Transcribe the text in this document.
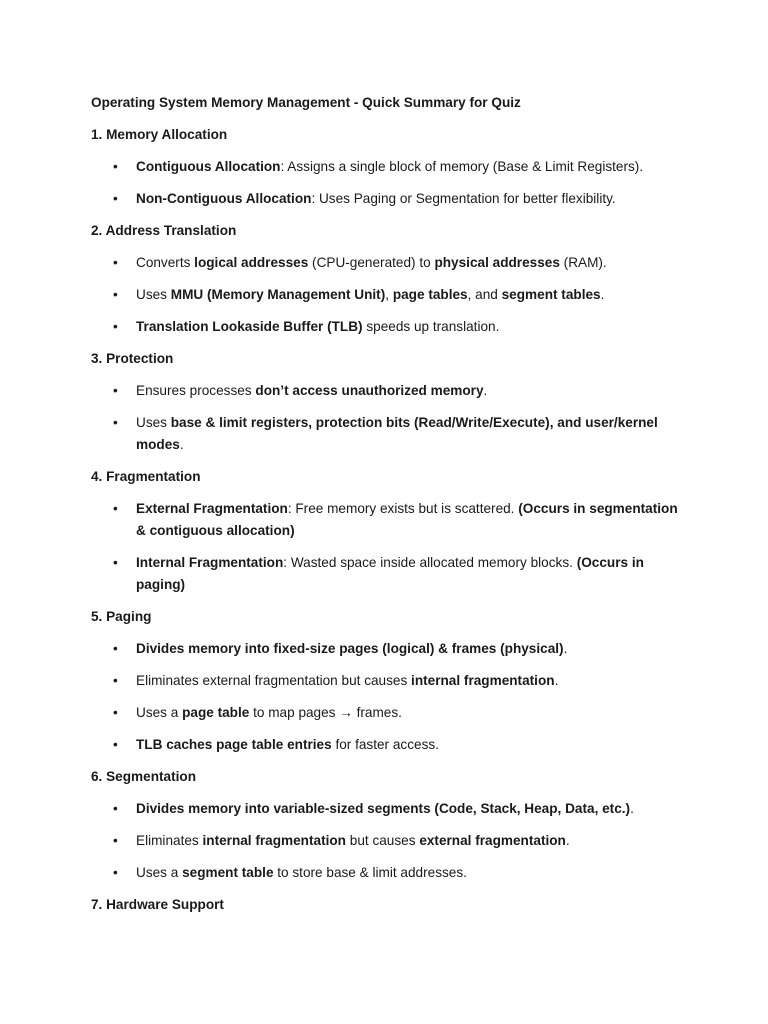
Operating System Memory Management - Quick Summary for Quiz

1. Memory Allocation

• Contiguous Allocation: Assigns a single block of memory (Base & Limit Registers).
• Non-Contiguous Allocation: Uses Paging or Segmentation for better flexibility.

2. Address Translation

• Converts logical addresses (CPU-generated) to physical addresses (RAM).
• Uses MMU (Memory Management Unit), page tables, and segment tables.
• Translation Lookaside Buffer (TLB) speeds up translation.

3. Protection

• Ensures processes don’t access unauthorized memory.
• Uses base & limit registers, protection bits (Read/Write/Execute), and user/kernel modes.

4. Fragmentation

• External Fragmentation: Free memory exists but is scattered. (Occurs in segmentation & contiguous allocation)
• Internal Fragmentation: Wasted space inside allocated memory blocks. (Occurs in paging)

5. Paging

• Divides memory into fixed-size pages (logical) & frames (physical).
• Eliminates external fragmentation but causes internal fragmentation.
• Uses a page table to map pages → frames.
• TLB caches page table entries for faster access.

6. Segmentation

• Divides memory into variable-sized segments (Code, Stack, Heap, Data, etc.).
• Eliminates internal fragmentation but causes external fragmentation.
• Uses a segment table to store base & limit addresses.

7. Hardware Support
